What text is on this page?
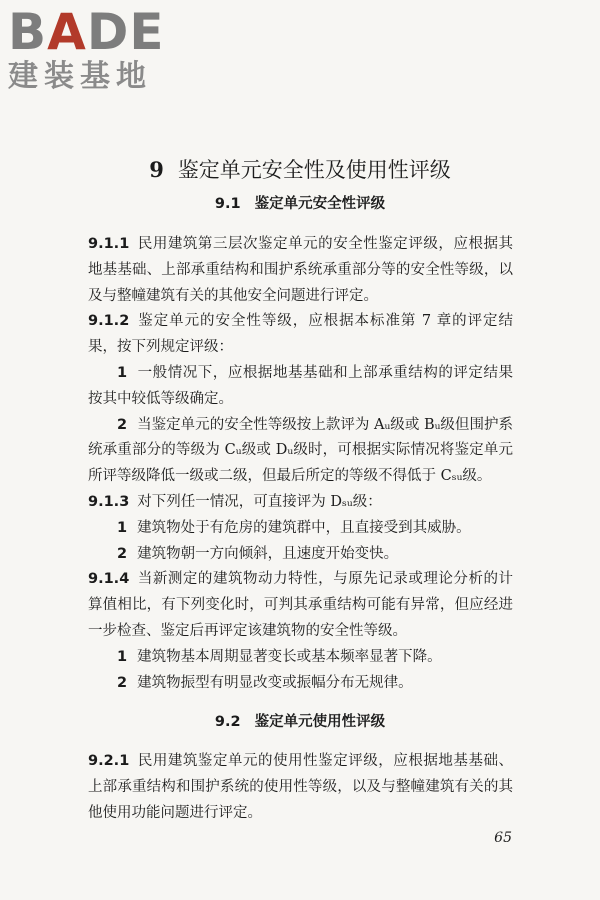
BADE
建装基地
9 鉴定单元安全性及使用性评级
9.1 鉴定单元安全性评级

9.1.1 民用建筑第三层次鉴定单元的安全性鉴定评级，应根据其地基基础、上部承重结构和围护系统承重部分等的安全性等级，以及与整幢建筑有关的其他安全问题进行评定。

9.1.2 鉴定单元的安全性等级，应根据本标准第 7 章的评定结果，按下列规定评级：

1 一般情况下，应根据地基基础和上部承重结构的评定结果按其中较低等级确定。

2 当鉴定单元的安全性等级按上款评为 Aᵤ级或 Bᵤ级但围护系统承重部分的等级为 Cᵤ级或 Dᵤ级时，可根据实际情况将鉴定单元所评等级降低一级或二级，但最后所定的等级不得低于 Cₛᵤ级。

9.1.3 对下列任一情况，可直接评为 Dₛᵤ级：

1 建筑物处于有危房的建筑群中，且直接受到其威胁。

2 建筑物朝一方向倾斜，且速度开始变快。

9.1.4 当新测定的建筑物动力特性，与原先记录或理论分析的计算值相比，有下列变化时，可判其承重结构可能有异常，但应经进一步检查、鉴定后再评定该建筑物的安全性等级。

1 建筑物基本周期显著变长或基本频率显著下降。

2 建筑物振型有明显改变或振幅分布无规律。

9.2 鉴定单元使用性评级

9.2.1 民用建筑鉴定单元的使用性鉴定评级，应根据地基基础、上部承重结构和围护系统的使用性等级，以及与整幢建筑有关的其他使用功能问题进行评定。

65
